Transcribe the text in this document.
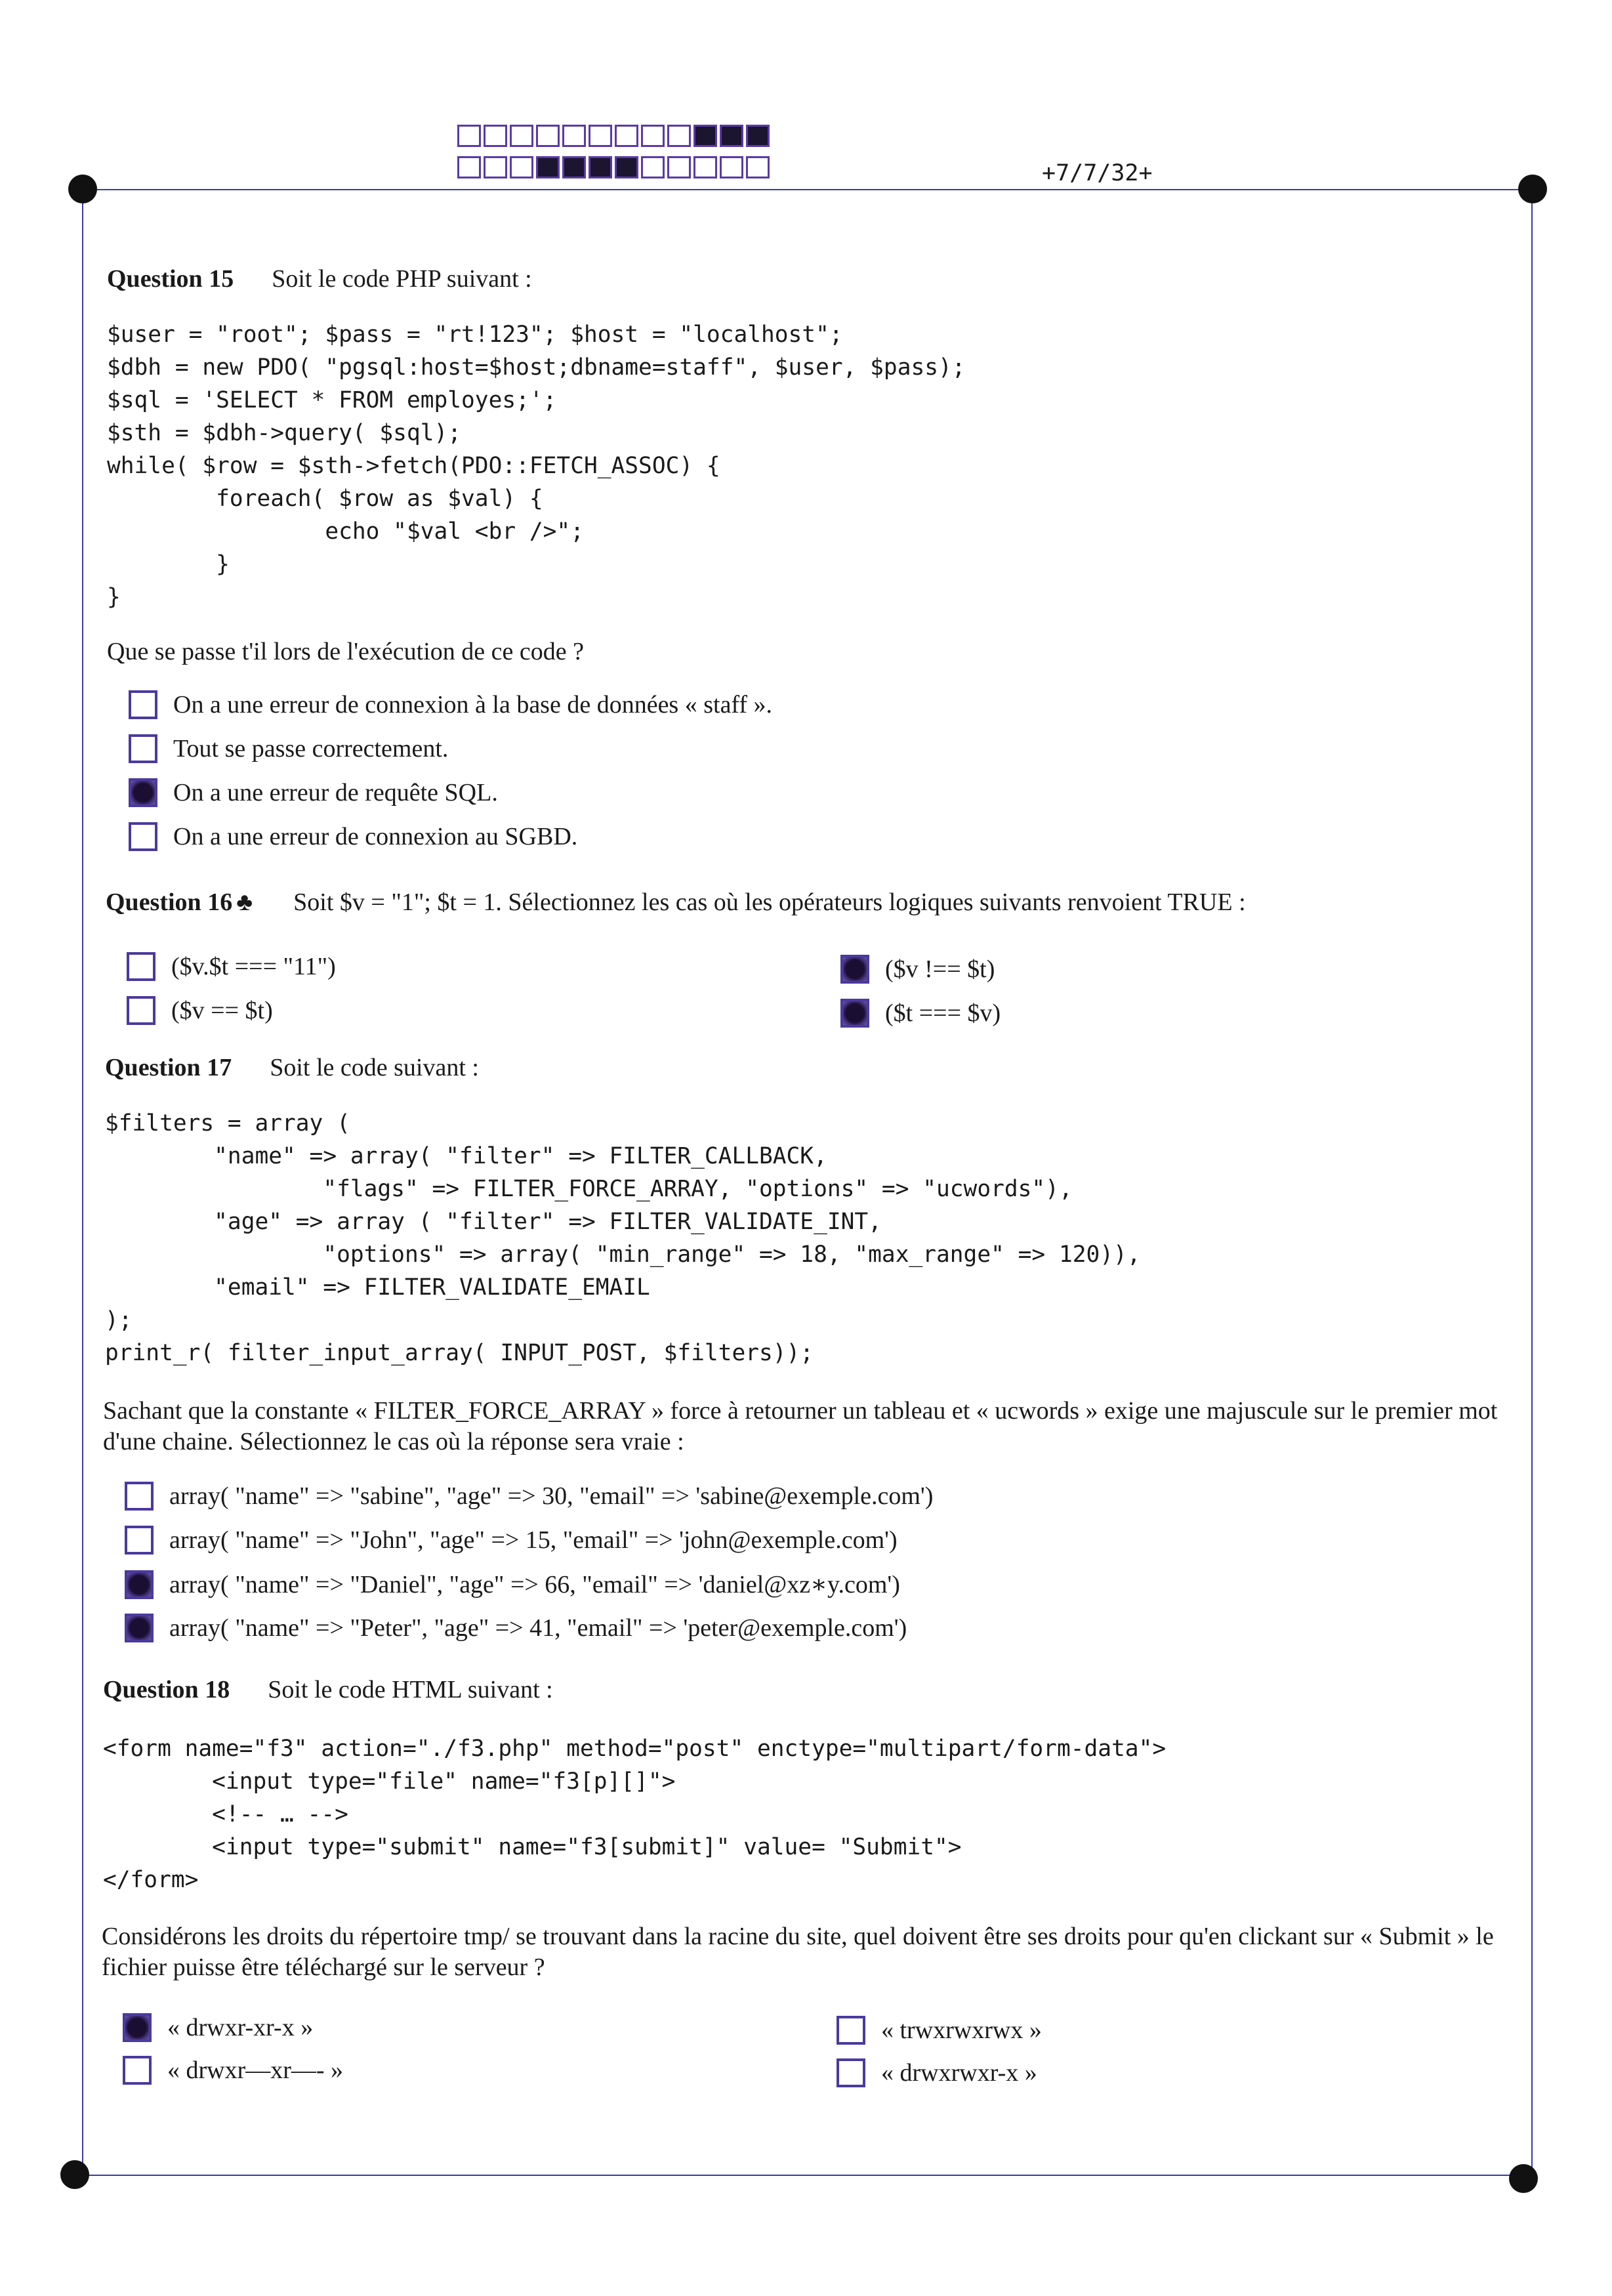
+7/7/32+
Question 15 Soit le code PHP suivant :
$user = "root"; $pass = "rt!123"; $host = "localhost";
$dbh = new PDO( "pgsql:host=$host;dbname=staff", $user, $pass);
$sql = 'SELECT * FROM employes;';
$sth = $dbh->query( $sql);
while( $row = $sth->fetch(PDO::FETCH_ASSOC) {
foreach( $row as $val) {
echo "$val <br />";
}
}
Que se passe t'il lors de l'exécution de ce code ?
On a une erreur de connexion à la base de données « staff ».
Tout se passe correctement.
On a une erreur de requête SQL.
On a une erreur de connexion au SGBD.
Question 16 ♣ Soit $v = "1"; $t = 1. Sélectionnez les cas où les opérateurs logiques suivants renvoient TRUE :
($v.$t === "11")
($v == $t)
($v !== $t)
($t === $v)
Question 17 Soit le code suivant :
$filters = array (
"name" => array( "filter" => FILTER_CALLBACK,
"flags" => FILTER_FORCE_ARRAY, "options" => "ucwords"),
"age" => array ( "filter" => FILTER_VALIDATE_INT,
"options" => array( "min_range" => 18, "max_range" => 120)),
"email" => FILTER_VALIDATE_EMAIL
);
print_r( filter_input_array( INPUT_POST, $filters));
Sachant que la constante « FILTER_FORCE_ARRAY » force à retourner un tableau et « ucwords » exige une majuscule sur le premier mot d'une chaine. Sélectionnez le cas où la réponse sera vraie :
array( "name" => "sabine", "age" => 30, "email" => 'sabine@exemple.com')
array( "name" => "John", "age" => 15, "email" => 'john@exemple.com')
array( "name" => "Daniel", "age" => 66, "email" => 'daniel@xz∗y.com')
array( "name" => "Peter", "age" => 41, "email" => 'peter@exemple.com')
Question 18 Soit le code HTML suivant :
<form name="f3" action="./f3.php" method="post" enctype="multipart/form-data">
<input type="file" name="f3[p][]">
<!-- … -->
<input type="submit" name="f3[submit]" value= "Submit">
</form>
Considérons les droits du répertoire tmp/ se trouvant dans la racine du site, quel doivent être ses droits pour qu'en clickant sur « Submit » le fichier puisse être téléchargé sur le serveur ?
« drwxr-xr-x »
« drwxr—xr—- »
« trwxrwxrwx »
« drwxrwxr-x »
